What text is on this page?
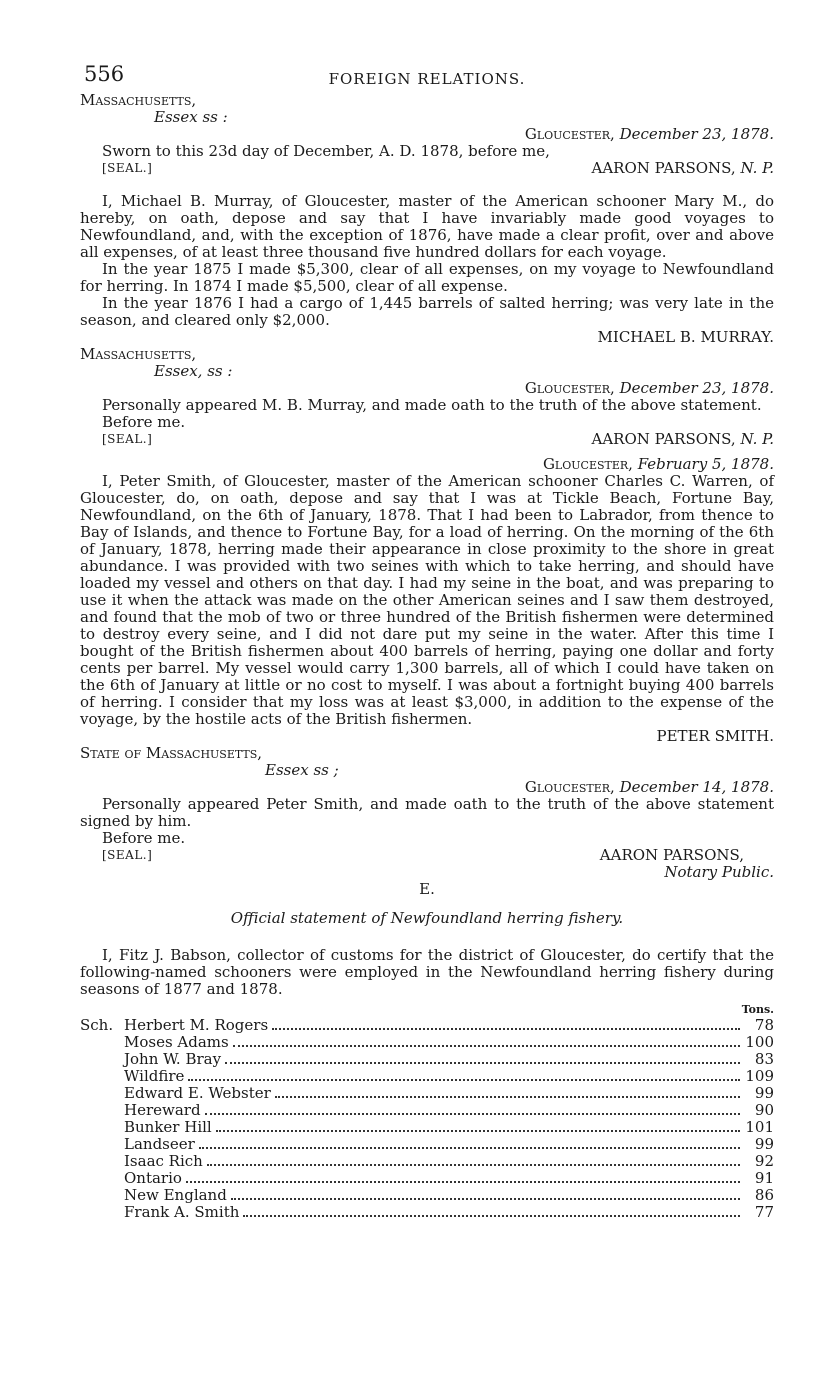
556	FOREIGN RELATIONS.

Massachusetts,

Essex ss :

Gloucester, December 23, 1878.

Sworn to this 23d day of December, A. D. 1878, before me,

[SEAL.]	AARON PARSONS, N. P.

I, Michael B. Murray, of Gloucester, master of the American schooner Mary M., do hereby, on oath, depose and say that I have invariably made good voyages to Newfoundland, and, with the exception of 1876, have made a clear profit, over and above all expenses, of at least three thousand five hundred dollars for each voyage.

In the year 1875 I made $5,300, clear of all expenses, on my voyage to Newfoundland for herring. In 1874 I made $5,500, clear of all expense.

In the year 1876 I had a cargo of 1,445 barrels of salted herring; was very late in the season, and cleared only $2,000.

MICHAEL B. MURRAY.

Massachusetts,

Essex, ss :

Gloucester, December 23, 1878.

Personally appeared M. B. Murray, and made oath to the truth of the above statement.

Before me.

[SEAL.]	AARON PARSONS, N. P.

Gloucester, February 5, 1878.

I, Peter Smith, of Gloucester, master of the American schooner Charles C. Warren, of Gloucester, do, on oath, depose and say that I was at Tickle Beach, Fortune Bay, Newfoundland, on the 6th of January, 1878. That I had been to Labrador, from thence to Bay of Islands, and thence to Fortune Bay, for a load of herring. On the morning of the 6th of January, 1878, herring made their appearance in close proximity to the shore in great abundance. I was provided with two seines with which to take herring, and should have loaded my vessel and others on that day. I had my seine in the boat, and was preparing to use it when the attack was made on the other American seines and I saw them destroyed, and found that the mob of two or three hundred of the British fishermen were determined to destroy every seine, and I did not dare put my seine in the water. After this time I bought of the British fishermen about 400 barrels of herring, paying one dollar and forty cents per barrel. My vessel would carry 1,300 barrels, all of which I could have taken on the 6th of January at little or no cost to myself. I was about a fortnight buying 400 barrels of herring. I consider that my loss was at least $3,000, in addition to the expense of the voyage, by the hostile acts of the British fishermen.

PETER SMITH.

State of Massachusetts,

Essex ss ;

Gloucester, December 14, 1878.

Personally appeared Peter Smith, and made oath to the truth of the above statement signed by him.

Before me.

[SEAL.]	AARON PARSONS,

Notary Public.

E.

Official statement of Newfoundland herring fishery.

I, Fitz J. Babson, collector of customs for the district of Gloucester, do certify that the following-named schooners were employed in the Newfoundland herring fishery during seasons of 1877 and 1878.

Tons.

Sch. Herbert M. Rogers	78
Moses Adams	100
John W. Bray	83
Wildfire	109
Edward E. Webster	99
Hereward	90
Bunker Hill	101
Landseer	99
Isaac Rich	92
Ontario	91
New England	86
Frank A. Smith	77
